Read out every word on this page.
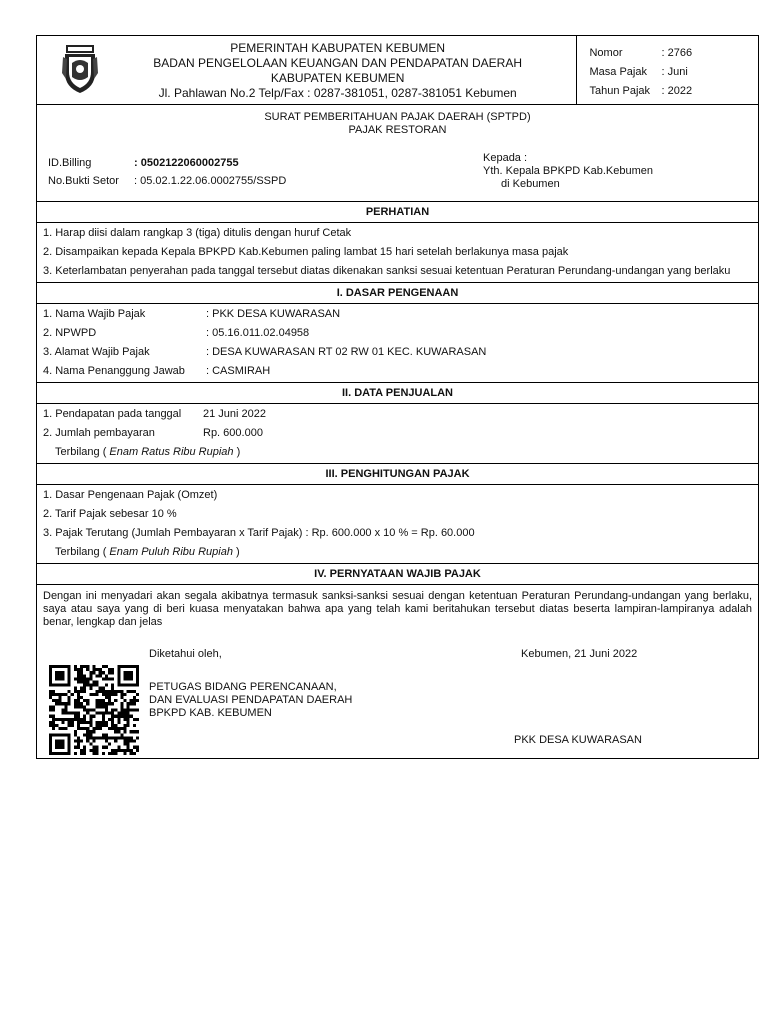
PEMERINTAH KABUPATEN KEBUMEN
BADAN PENGELOLAAN KEUANGAN DAN PENDAPATAN DAERAH
KABUPATEN KEBUMEN
Jl. Pahlawan No.2 Telp/Fax : 0287-381051, 0287-381051 Kebumen
Nomor	: 2766
Masa Pajak	: Juni
Tahun Pajak	: 2022
SURAT PEMBERITAHUAN PAJAK DAERAH (SPTPD)
PAJAK RESTORAN
ID.Billing	: 0502122060002755
No.Bukti Setor	: 05.02.1.22.06.0002755/SSPD
Kepada :
Yth. Kepala BPKPD Kab.Kebumen
di Kebumen
PERHATIAN
1. Harap diisi dalam rangkap 3 (tiga) ditulis dengan huruf Cetak
2. Disampaikan kepada Kepala BPKPD Kab.Kebumen paling lambat 15 hari setelah berlakunya masa pajak
3. Keterlambatan penyerahan pada tanggal tersebut diatas dikenakan sanksi sesuai ketentuan Peraturan Perundang-undangan yang berlaku
I. DASAR PENGENAAN
1. Nama Wajib Pajak	: PKK DESA KUWARASAN
2. NPWPD	: 05.16.011.02.04958
3. Alamat Wajib Pajak	: DESA KUWARASAN RT 02 RW 01 KEC. KUWARASAN
4. Nama Penanggung Jawab	: CASMIRAH
II. DATA PENJUALAN
1. Pendapatan pada tanggal	21 Juni 2022
2. Jumlah pembayaran	Rp. 600.000
Terbilang ( Enam Ratus Ribu Rupiah )
III. PENGHITUNGAN PAJAK
1. Dasar Pengenaan Pajak (Omzet)
2. Tarif Pajak sebesar 10 %
3. Pajak Terutang (Jumlah Pembayaran x Tarif Pajak) : Rp. 600.000 x 10 % = Rp. 60.000
Terbilang ( Enam Puluh Ribu Rupiah )
IV. PERNYATAAN WAJIB PAJAK
Dengan ini menyadari akan segala akibatnya termasuk sanksi-sanksi sesuai dengan ketentuan Peraturan Perundang-undangan yang berlaku, saya atau saya yang di beri kuasa menyatakan bahwa apa yang telah kami beritahukan tersebut diatas beserta lampiran-lampiranya adalah benar, lengkap dan jelas
Diketahui oleh,	Kebumen, 21 Juni 2022
PETUGAS BIDANG PERENCANAAN,
DAN EVALUASI PENDAPATAN DAERAH
BPKPD KAB. KEBUMEN
PKK DESA KUWARASAN
